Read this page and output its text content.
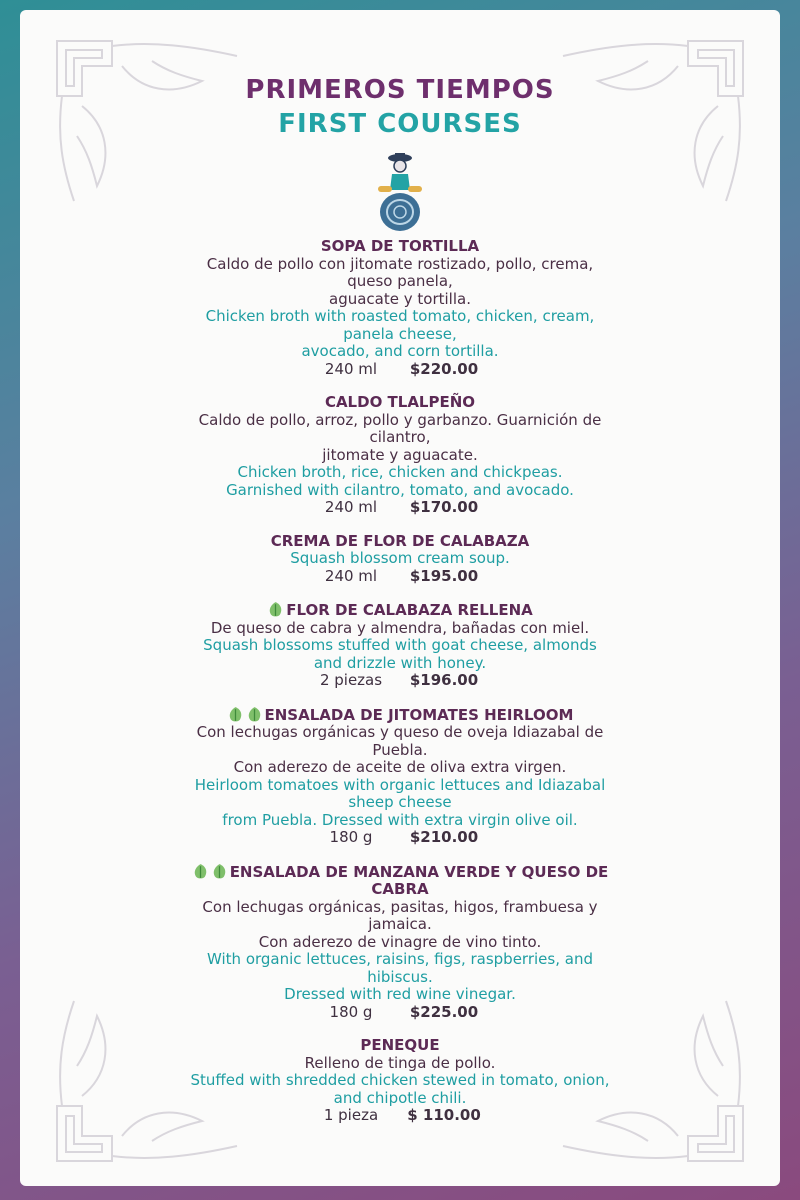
PRIMEROS TIEMPOS
FIRST COURSES
SOPA DE TORTILLA
Caldo de pollo con jitomate rostizado, pollo, crema,
queso panela,
aguacate y tortilla.
Chicken broth with roasted tomato, chicken, cream,
panela cheese,
avocado, and corn tortilla.
240 ml $220.00
CALDO TLALPEÑO
Caldo de pollo, arroz, pollo y garbanzo. Guarnición de
cilantro,
jitomate y aguacate.
Chicken broth, rice, chicken and chickpeas.
Garnished with cilantro, tomato, and avocado.
240 ml $170.00
CREMA DE FLOR DE CALABAZA
Squash blossom cream soup.
240 ml $195.00
FLOR DE CALABAZA RELLENA
De queso de cabra y almendra, bañadas con miel.
Squash blossoms stuffed with goat cheese, almonds
and drizzle with honey.
2 piezas $196.00
ENSALADA DE JITOMATES HEIRLOOM
Con lechugas orgánicas y queso de oveja Idiazabal de
Puebla.
Con aderezo de aceite de oliva extra virgen.
Heirloom tomatoes with organic lettuces and Idiazabal
sheep cheese
from Puebla. Dressed with extra virgin olive oil.
180 g $210.00
ENSALADA DE MANZANA VERDE Y QUESO DE
CABRA
Con lechugas orgánicas, pasitas, higos, frambuesa y
jamaica.
Con aderezo de vinagre de vino tinto.
With organic lettuces, raisins, figs, raspberries, and
hibiscus.
Dressed with red wine vinegar.
180 g $225.00
PENEQUE
Relleno de tinga de pollo.
Stuffed with shredded chicken stewed in tomato, onion,
and chipotle chili.
1 pieza $ 110.00
